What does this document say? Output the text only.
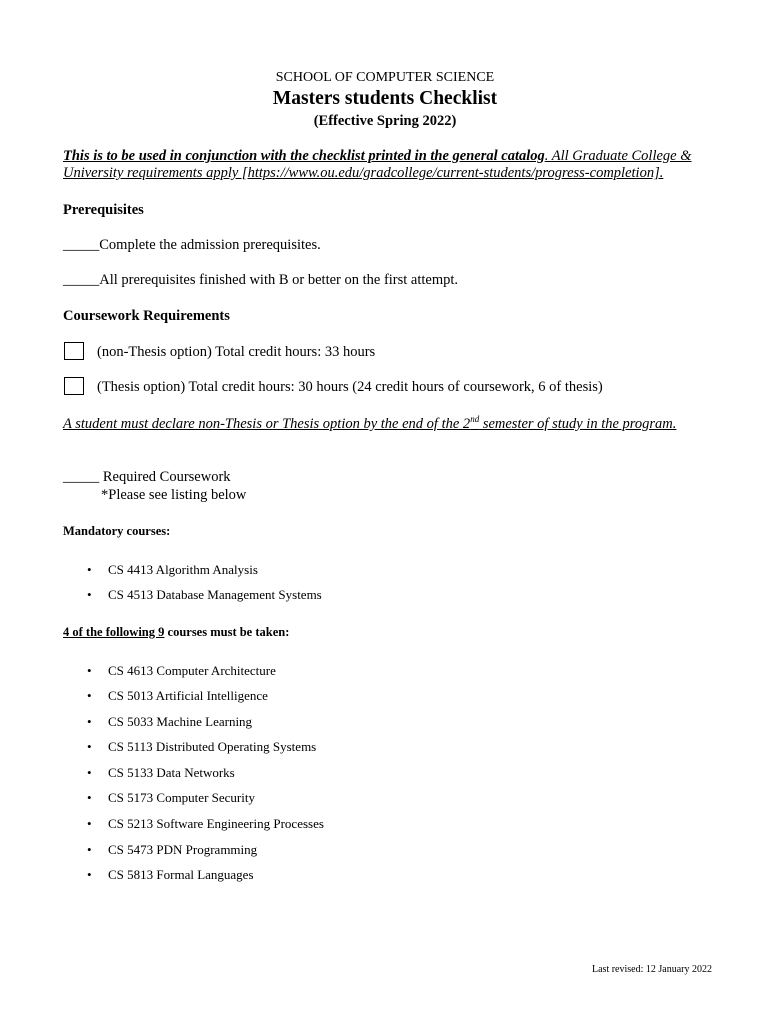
SCHOOL OF COMPUTER SCIENCE
Masters students Checklist
(Effective Spring 2022)
This is to be used in conjunction with the checklist printed in the general catalog. All Graduate College & University requirements apply [https://www.ou.edu/gradcollege/current-students/progress-completion].
Prerequisites
_____Complete the admission prerequisites.
_____All prerequisites finished with B or better on the first attempt.
Coursework Requirements
(non-Thesis option) Total credit hours: 33 hours
(Thesis option) Total credit hours: 30 hours (24 credit hours of coursework, 6 of thesis)
A student must declare non-Thesis or Thesis option by the end of the 2nd semester of study in the program.
_____ Required Coursework
*Please see listing below
Mandatory courses:
• CS 4413 Algorithm Analysis
• CS 4513 Database Management Systems
4 of the following 9 courses must be taken:
• CS 4613 Computer Architecture
• CS 5013 Artificial Intelligence
• CS 5033 Machine Learning
• CS 5113 Distributed Operating Systems
• CS 5133 Data Networks
• CS 5173 Computer Security
• CS 5213 Software Engineering Processes
• CS 5473 PDN Programming
• CS 5813 Formal Languages
Last revised: 12 January 2022
